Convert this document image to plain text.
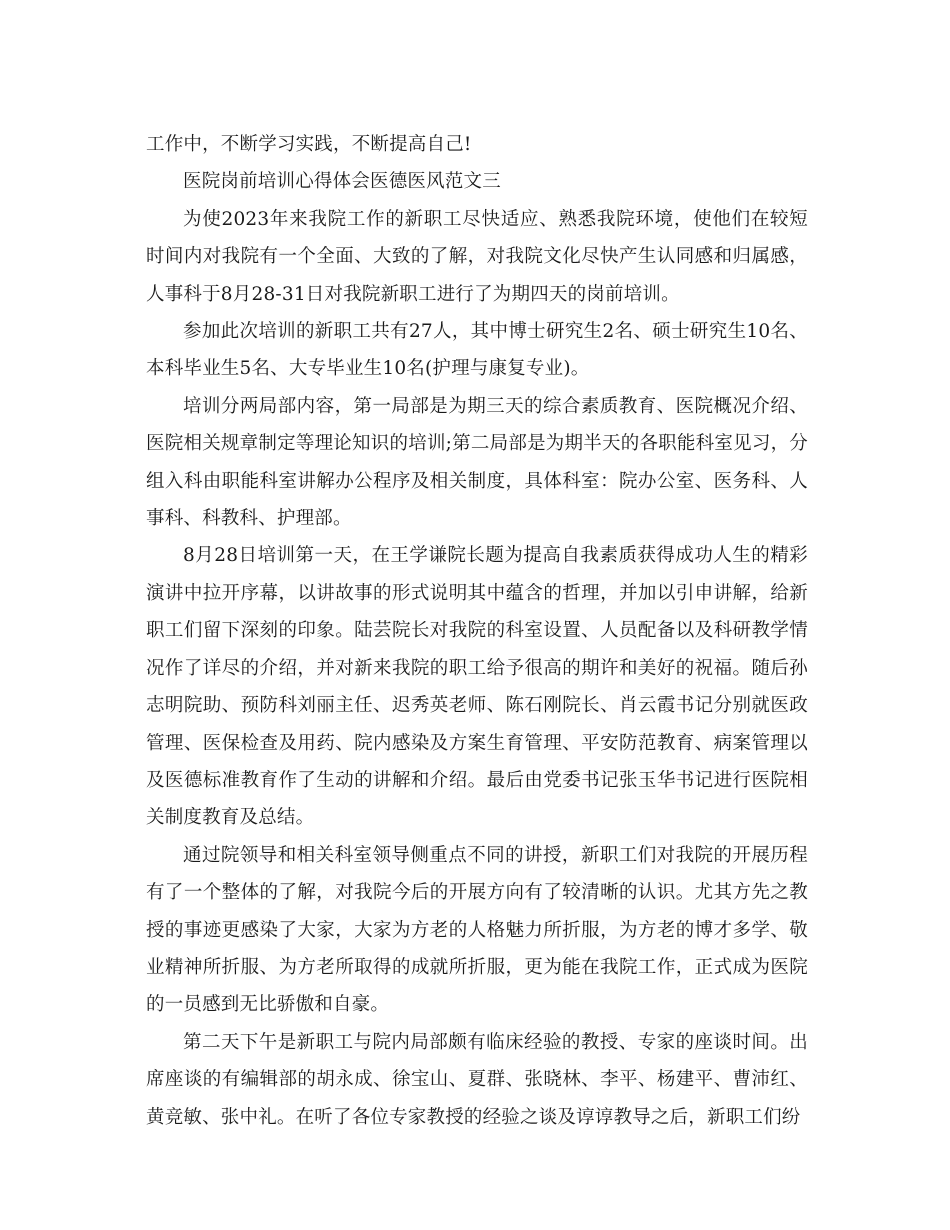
工作中，不断学习实践，不断提高自己!

医院岗前培训心得体会医德医风范文三

为使2023年来我院工作的新职工尽快适应、熟悉我院环境，使他们在较短时间内对我院有一个全面、大致的了解，对我院文化尽快产生认同感和归属感，人事科于8月28-31日对我院新职工进行了为期四天的岗前培训。

参加此次培训的新职工共有27人，其中博士研究生2名、硕士研究生10名、本科毕业生5名、大专毕业生10名(护理与康复专业)。

培训分两局部内容，第一局部是为期三天的综合素质教育、医院概况介绍、医院相关规章制定等理论知识的培训;第二局部是为期半天的各职能科室见习，分组入科由职能科室讲解办公程序及相关制度，具体科室：院办公室、医务科、人事科、科教科、护理部。

8月28日培训第一天，在王学谦院长题为提高自我素质获得成功人生的精彩演讲中拉开序幕，以讲故事的形式说明其中蕴含的哲理，并加以引申讲解，给新职工们留下深刻的印象。陆芸院长对我院的科室设置、人员配备以及科研教学情况作了详尽的介绍，并对新来我院的职工给予很高的期许和美好的祝福。随后孙志明院助、预防科刘丽主任、迟秀英老师、陈石刚院长、肖云霞书记分别就医政管理、医保检查及用药、院内感染及方案生育管理、平安防范教育、病案管理以及医德标准教育作了生动的讲解和介绍。最后由党委书记张玉华书记进行医院相关制度教育及总结。

通过院领导和相关科室领导侧重点不同的讲授，新职工们对我院的开展历程有了一个整体的了解，对我院今后的开展方向有了较清晰的认识。尤其方先之教授的事迹更感染了大家，大家为方老的人格魅力所折服，为方老的博才多学、敬业精神所折服、为方老所取得的成就所折服，更为能在我院工作，正式成为医院的一员感到无比骄傲和自豪。

第二天下午是新职工与院内局部颇有临床经验的教授、专家的座谈时间。出席座谈的有编辑部的胡永成、徐宝山、夏群、张晓林、李平、杨建平、曹沛红、黄竞敏、张中礼。在听了各位专家教授的经验之谈及谆谆教导之后，新职工们纷
